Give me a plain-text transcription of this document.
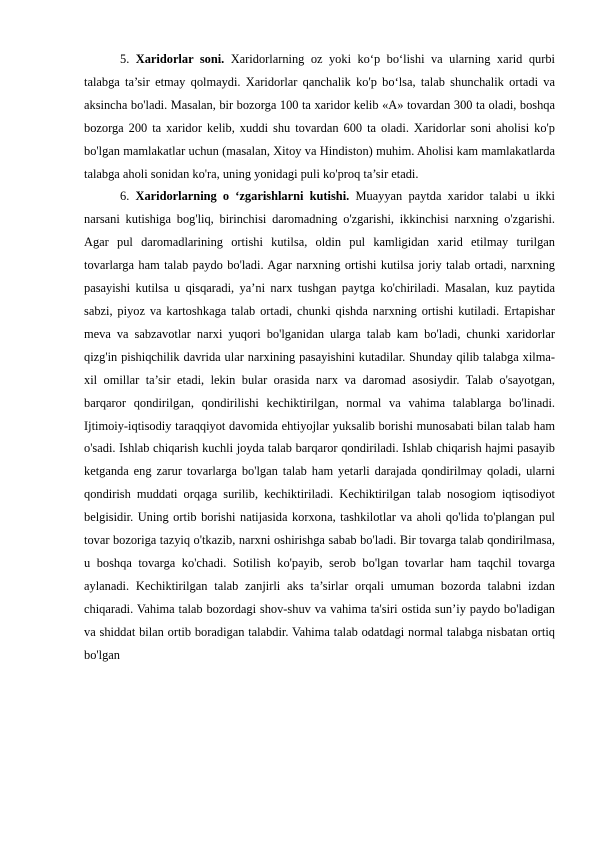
5. Xaridorlar soni. Xaridorlarning oz yoki ko‘p bo‘lishi va ularning xarid qurbi talabga ta’sir etmay qolmaydi. Xaridorlar qanchalik ko'p bo‘lsa, talab shunchalik ortadi va aksincha bo'ladi. Masalan, bir bozorga 100 ta xaridor kelib «A» tovardan 300 ta oladi, boshqa bozorga 200 ta xaridor kelib, xuddi shu tovardan 600 ta oladi. Xaridorlar soni aholisi ko'p bo'lgan mamlakatlar uchun (masalan, Xitoy va Hindiston) muhim. Aholisi kam mamlakatlarda talabga aholi sonidan ko'ra, uning yonidagi puli ko'proq ta’sir etadi.

6. Xaridorlarning o ‘zgarishlarni kutishi. Muayyan paytda xaridor talabi u ikki narsani kutishiga bog'liq, birinchisi daromadning o'zgarishi, ikkinchisi narxning o'zgarishi. Agar pul daromadlarining ortishi kutilsa, oldin pul kamligidan xarid etilmay turilgan tovarlarga ham talab paydo bo'ladi. Agar narxning ortishi kutilsa joriy talab ortadi, narxning pasayishi kutilsa u qisqaradi, ya’ni narx tushgan paytga ko'chiriladi. Masalan, kuz paytida sabzi, piyoz va kartoshkaga talab ortadi, chunki qishda narxning ortishi kutiladi. Ertapishar meva va sabzavotlar narxi yuqori bo'lganidan ularga talab kam bo'ladi, chunki xaridorlar qizg'in pishiqchilik davrida ular narxining pasayishini kutadilar. Shunday qilib talabga xilma-xil omillar ta’sir etadi, lekin bular orasida narx va daromad asosiydir. Talab o'sayotgan, barqaror qondirilgan, qondirilishi kechiktirilgan, normal va vahima talablarga bo'linadi. Ijtimoiy-iqtisodiy taraqqiyot davomida ehtiyojlar yuksalib borishi munosabati bilan talab ham o'sadi. Ishlab chiqarish kuchli joyda talab barqaror qondiriladi. Ishlab chiqarish hajmi pasayib ketganda eng zarur tovarlarga bo'lgan talab ham yetarli darajada qondirilmay qoladi, ularni qondirish muddati orqaga surilib, kechiktiriladi. Kechiktirilgan talab nosogiom iqtisodiyot belgisidir. Uning ortib borishi natijasida korxona, tashkilotlar va aholi qo'lida to'plangan pul tovar bozoriga tazyiq o'tkazib, narxni oshirishga sabab bo'ladi. Bir tovarga talab qondirilmasa, u boshqa tovarga ko'chadi. Sotilish ko'payib, serob bo'lgan tovarlar ham taqchil tovarga aylanadi. Kechiktirilgan talab zanjirli aks ta’sirlar orqali umuman bozorda talabni izdan chiqaradi. Vahima talab bozordagi shov-shuv va vahima ta'siri ostida sun’iy paydo bo'ladigan va shiddat bilan ortib boradigan talabdir. Vahima talab odatdagi normal talabga nisbatan ortiq bo'lgan
